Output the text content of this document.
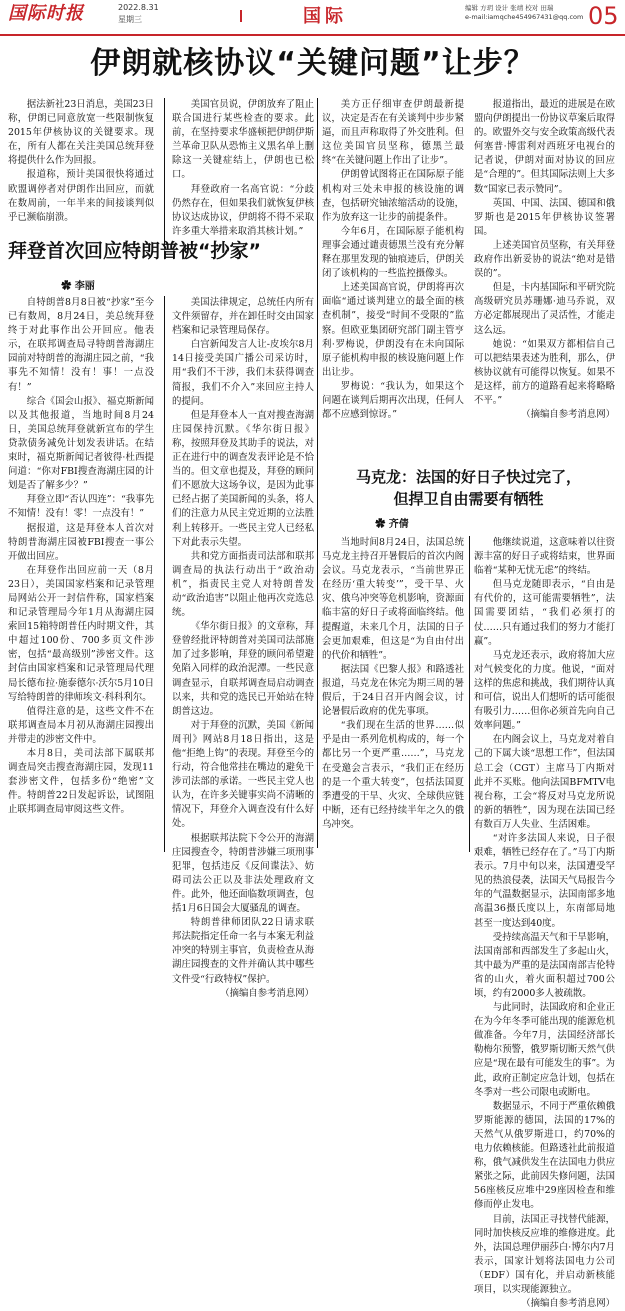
国际时报	2022.8.31
星期三	国际	编辑 方玥 设计 张靖 校对 田瑞
e-mail:iamqche454967431@qq.com 05
伊朗就核协议“关键问题”让步？

据法新社23日消息，美国23日称，伊朗已同意放宽一些限制恢复2015年伊核协议的关键要求。现在，所有人都在关注美国总统拜登将提供什么作为回报。

报道称，预计美国很快将通过欧盟调停者对伊朗作出回应，而就在数周前，一年半来的间接谈判似乎已濒临崩溃。

美国官员说，伊朗放弃了阻止联合国进行某些检查的要求。此前，在坚持要求华盛顿把伊朗伊斯兰革命卫队从恐怖主义黑名单上删除这一关键症结上，伊朗也已松口。

拜登政府一名高官说：“分歧仍然存在，但如果我们就恢复伊核协议达成协议，伊朗将不得不采取许多重大举措来取消其核计划。”

美方正仔细审查伊朗最新提议，决定是否在有关谈判中步步紧逼，而且声称取得了外交胜利。但这位美国官员坚称，德黑兰最终“在关键问题上作出了让步”。

伊朗曾试图将正在国际原子能机构对三处未申报的核设施的调查，包括研究铀浓缩活动的设施，作为放弃这一让步的前提条件。

今年6月，在国际原子能机构理事会通过谴责德黑兰没有充分解释在那里发现的铀痕迹后，伊朗关闭了该机构的一些监控摄像头。

上述美国高官说，伊朗将再次面临“通过谈判建立的最全面的核查机制”，接受“时间不受限的”监察。但欧亚集团研究部门副主管亨利·罗梅说，伊朗没有在未向国际原子能机构申报的核设施问题上作出让步。

罗梅说：“我认为，如果这个问题在谈判后期再次出现，任何人都不应感到惊讶。”

报道指出，最近的进展是在欧盟向伊朗提出一份协议草案后取得的。欧盟外交与安全政策高级代表何塞普·博雷利对西班牙电视台的记者说，伊朗对面对协议的回应是“合理的”。但其国际法则上大多数“国家已表示赞同”。

英国、中国、法国、德国和俄罗斯也是2015年伊核协议签署国。

上述美国官员坚称，有关拜登政府作出新妥协的说法“绝对是错误的”。

但是，卡内基国际和平研究院高级研究员苏珊娜·迪马乔说，双方必定都展现出了灵活性，才能走这么远。

她说：“如果双方都相信自己可以把结果表述为胜利，那么，伊核协议就有可能得以恢复。如果不是这样，前方的道路看起来将略略不平。”

（摘编自参考消息网）

拜登首次回应特朗普被“抄家”
✿ 李丽

自特朗普8月8日被“抄家”至今已有数周，8月24日，美总统拜登终于对此事作出公开回应。他表示，在联邦调查局寻特朗普海湖庄园前对特朗普的海湖庄园之前，“我事先不知情！没有！事！一点没有！”

综合《国会山报》、福克斯新闻以及其他报道，当地时间8月24日，美国总统拜登就新宣布的学生贷款债务减免计划发表讲话。在结束时，福克斯新闻记者彼得·杜西提问道：“你对FBI搜查海湖庄园的计划是否了解多少？”

拜登立即“否认四连”：“我事先不知情！没有！零！一点没有！”

据报道，这是拜登本人首次对特朗普海湖庄园被FBI搜查一事公开做出回应。

在拜登作出回应前一天（8月23日），美国国家档案和记录管理局网站公开一封信件称，国家档案和记录管理局今年1月从海湖庄园索回15箱特朗普任内时期文件，其中超过100份、700多页文件涉密，包括“最高级别”涉密文件。这封信由国家档案和记录管理局代理局长德布拉·施泰德尔·沃尔5月10日写给特朗普的律师埃文·科科利尔。

值得注意的是，这些文件不在联邦调查局本月初从海湖庄园搜出并带走的涉密文件中。

本月8日，美司法部下属联邦调查局突击搜查海湖庄园，发现11套涉密文件，包括多份“绝密”文件。特朗普22日发起诉讼，试图阻止联邦调查局审阅这些文件。

美国法律规定，总统任内所有文件须留存，并在卸任时交由国家档案和记录管理局保存。

白宫新闻发言人让-皮埃尔8月14日接受美国广播公司采访时，用“我们不干涉，我们未获得调查简报，我们不介入”来回应主持人的提问。

但是拜登本人一直对搜查海湖庄园保持沉默。《华尔街日报》称，按照拜登及其助手的说法，对正在进行中的调查发表评论是不恰当的。但文章也提及，拜登的顾问们不愿放大这场争议，是因为此事已经占据了美国新闻的头条，将人们的注意力从民主党近期的立法胜利上转移开。一些民主党人已经私下对此表示失望。

共和党方面指责司法部和联邦调查局的执法行动出于“政治动机”，指责民主党人对特朗普发动“政治追害”以阻止他再次竞选总统。

《华尔街日报》的文章称，拜登曾经批评特朗普对美国司法部施加了过多影响，拜登的顾问希望避免陷入同样的政治泥潭。一些民意调查显示，自联邦调查局启动调查以来，共和党的选民已开始站在特朗普这边。

对于拜登的沉默，美国《新闻周刊》网站8月18日指出，这是他“拒绝上钩”的表现。拜登至今的行动，符合他常挂在嘴边的避免干涉司法部的承诺。一些民主党人也认为，在许多关键事实尚不清晰的情况下，拜登介入调查没有什么好处。

根据联邦法院下令公开的海湖庄园搜查令，特朗普涉嫌三项刑事犯罪，包括违反《反间谍法》、妨碍司法公正以及非法处理政府文件。此外，他还面临数项调查，包括1月6日国会大厦骚乱的调查。

特朗普律师团队22日请求联邦法院指定任命一名与本案无利益冲突的特别主事官，负责检查从海湖庄园搜查的文件并确认其中哪些文件受“行政特权”保护。

（摘编自参考消息网）

马克龙：法国的好日子快过完了，
但捍卫自由需要有牺牲
✿ 齐倩

当地时间8月24日，法国总统马克龙主持召开暑假后的首次内阁会议。马克龙表示，“当前世界正在经历‘重大转变’”，受干旱、火灾、俄乌冲突等危机影响，资源面临丰富的好日子或将面临终结。他提醒道，未来几个月，法国的日子会更加艰难，但这是“为自由付出的代价和牺牲”。

据法国《巴黎人报》和路透社报道，马克龙在休完为期三周的暑假后，于24日召开内阁会议，讨论暑假后政府的优先事项。

“我们现在生活的世界……似乎是由一系列危机构成的，每一个都比另一个更严重……”，马克龙在受邀会言表示，“我们正在经历的是一个重大转变”，包括法国夏季遭受的干旱、火灾、全球供应链中断，还有已经持续半年之久的俄乌冲突。

他继续说道，这意味着以往资源丰富的好日子或将结束，世界面临着“某种无忧无虑”的终结。

但马克龙随即表示，“自由是有代价的，这可能需要牺牲”，法国需要团结，“我们必须打的仗……只有通过我们的努力才能打赢”。

马克龙还表示，政府将加大应对气候变化的力度。他说，“面对这样的焦虑和挑战，我们期待认真和可信，说出人们想听的话可能很有吸引力……但你必须首先向自己效率问题。”

在内阁会议上，马克龙对着自己的下属大谈“思想工作”，但法国总工会（CGT）主席马丁内斯对此并不买账。他向法国BFMTV电视台称，工会“将反对马克龙所说的新的牺牲”，因为现在法国已经有数百万人失业、生活困难。

“对许多法国人来说，日子很艰难，牺牲已经存在了。”马丁内斯表示。7月中旬以来，法国遭受罕见的热浪侵袭，法国天气局报告今年的气温数据显示，法国南部多地高温36摄氏度以上，东南部局地甚至一度达到40度。

受持续高温天气和干旱影响，法国南部和西部发生了多起山火，其中最为严重的是法国南部吉伦特省的山火，着火面积超过700公顷，约有2000多人被疏散。

与此同时，法国政府和企业正在为今年冬季可能出现的能源危机做准备。今年7月，法国经济部长勒梅尔预警，俄罗斯切断天然气供应是“现在最有可能发生的事”。为此，政府正制定应急计划，包括在冬季对一些公司限电或断电。

数据显示，不同于严重依赖俄罗斯能源的德国，法国的17%的天然气从俄罗斯进口，约70%的电力依赖核能。但路透社此前报道称，俄气减供发生在法国电力供应紧张之际，此前因失修问题，法国56座核反应堆中29座因检查和维修而停止发电。

目前，法国正寻找替代能源，同时加快核反应堆的维修进度。此外，法国总理伊丽莎白·博尔内7月表示，国家计划将法国电力公司（EDF）国有化，并启动新核能项目，以实现能源独立。

（摘编自参考消息网）
